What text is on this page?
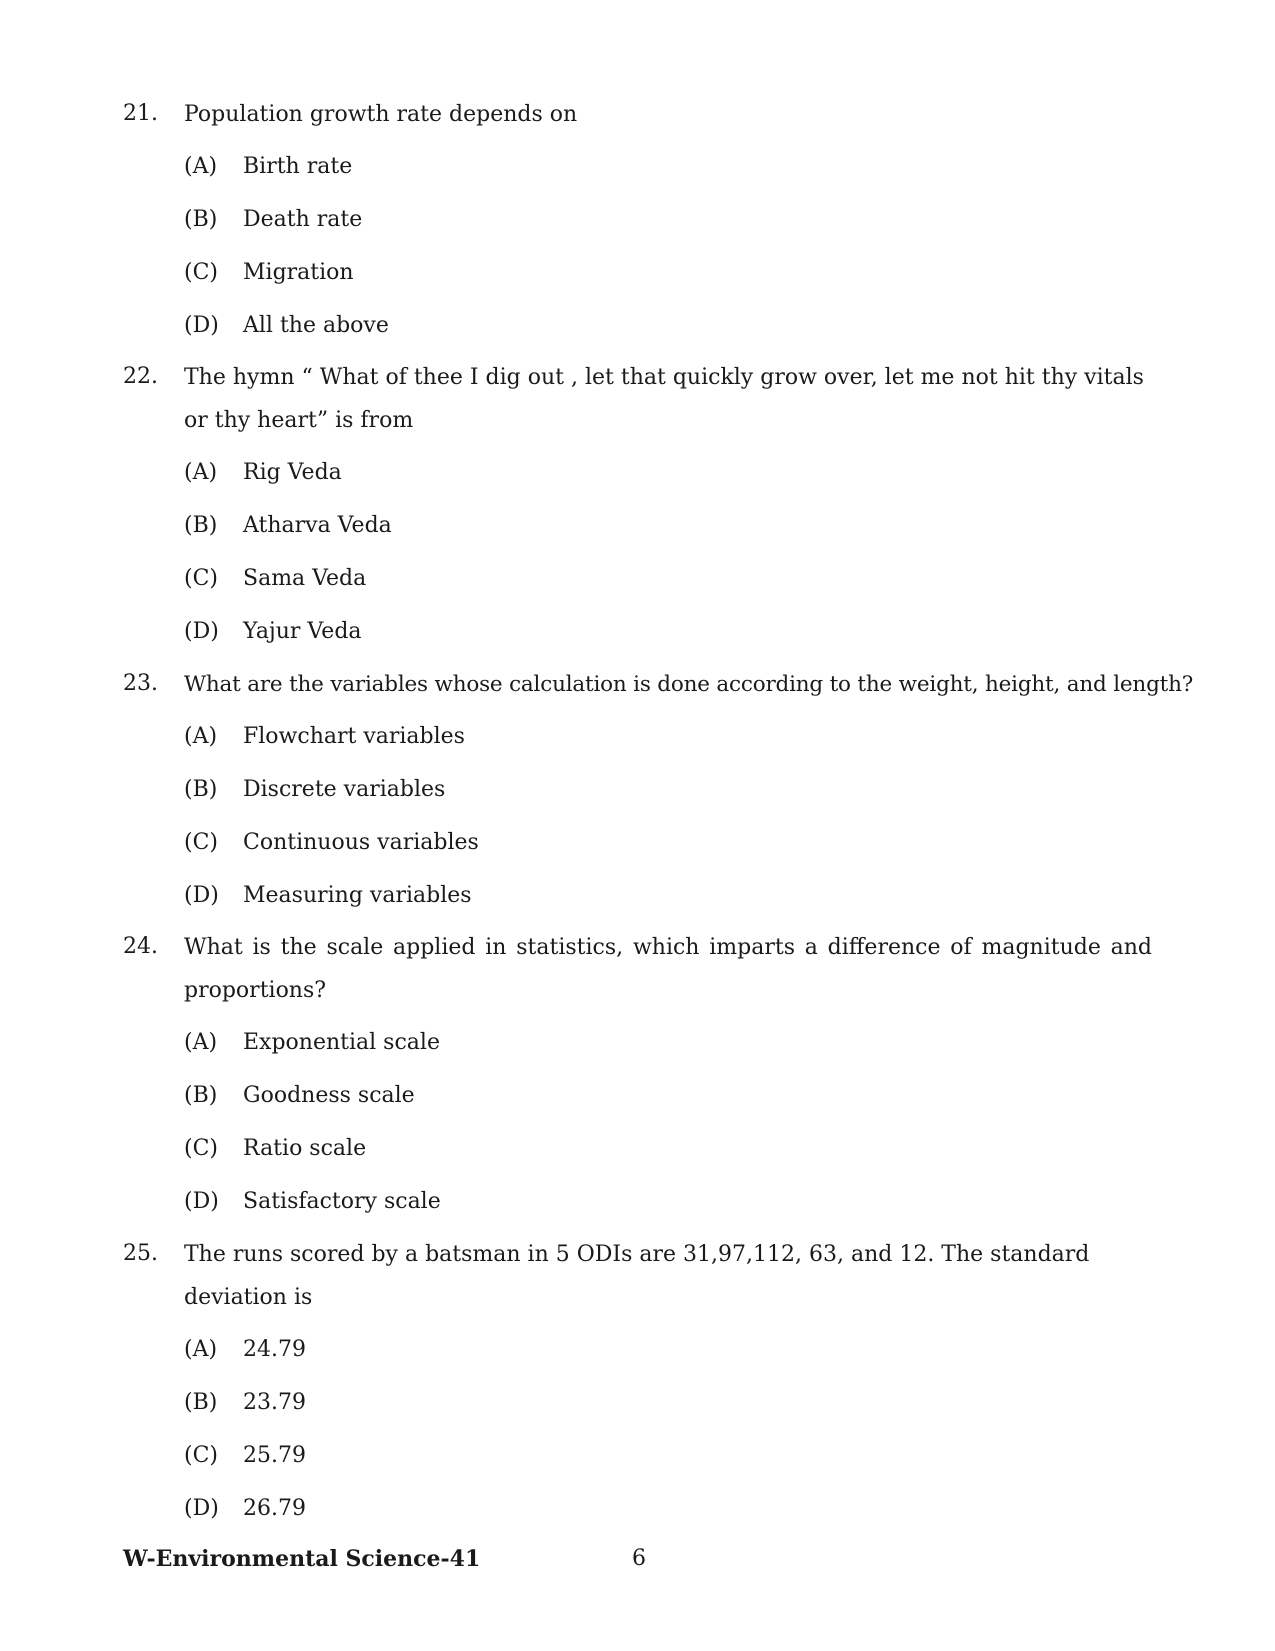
21. Population growth rate depends on
(A) Birth rate
(B) Death rate
(C) Migration
(D) All the above
22. The hymn “ What of thee I dig out , let that quickly grow over, let me not hit thy vitals or thy heart” is from
(A) Rig Veda
(B) Atharva Veda
(C) Sama Veda
(D) Yajur Veda
23. What are the variables whose calculation is done according to the weight, height, and length?
(A) Flowchart variables
(B) Discrete variables
(C) Continuous variables
(D) Measuring variables
24. What is the scale applied in statistics, which imparts a difference of magnitude and proportions?
(A) Exponential scale
(B) Goodness scale
(C) Ratio scale
(D) Satisfactory scale
25. The runs scored by a batsman in 5 ODIs are 31,97,112, 63, and 12. The standard deviation is
(A) 24.79
(B) 23.79
(C) 25.79
(D) 26.79
W-Environmental Science-41	6
